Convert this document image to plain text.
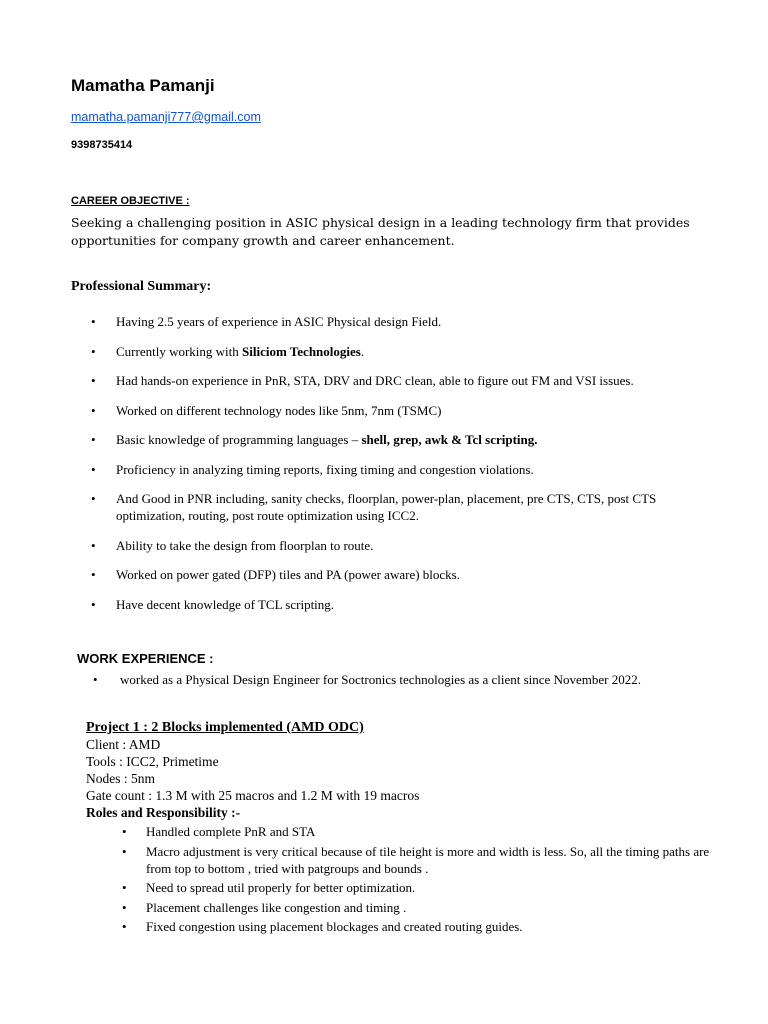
Mamatha Pamanji
mamatha.pamanji777@gmail.com
9398735414
CAREER OBJECTIVE :
Seeking a challenging position in ASIC physical design in a leading technology firm that provides opportunities for company growth and career enhancement.
Professional Summary:
• Having 2.5 years of experience in ASIC Physical design Field.
• Currently working with Siliciom Technologies.
• Had hands-on experience in PnR, STA, DRV and DRC clean, able to figure out FM and VSI issues.
• Worked on different technology nodes like 5nm, 7nm (TSMC)
• Basic knowledge of programming languages – shell, grep, awk & Tcl scripting.
• Proficiency in analyzing timing reports, fixing timing and congestion violations.
• And Good in PNR including, sanity checks, floorplan, power-plan, placement, pre CTS, CTS, post CTS optimization, routing, post route optimization using ICC2.
• Ability to take the design from floorplan to route.
• Worked on power gated (DFP) tiles and PA (power aware) blocks.
• Have decent knowledge of TCL scripting.
WORK EXPERIENCE :
• worked as a Physical Design Engineer for Soctronics technologies as a client since November 2022.
Project 1 : 2 Blocks implemented (AMD ODC)
Client : AMD
Tools : ICC2, Primetime
Nodes : 5nm
Gate count : 1.3 M with 25 macros and 1.2 M with 19 macros
Roles and Responsibility :-
• Handled complete PnR and STA
• Macro adjustment is very critical because of tile height is more and width is less. So, all the timing paths are from top to bottom , tried with patgroups and bounds .
• Need to spread util properly for better optimization.
• Placement challenges like congestion and timing .
• Fixed congestion using placement blockages and created routing guides.
